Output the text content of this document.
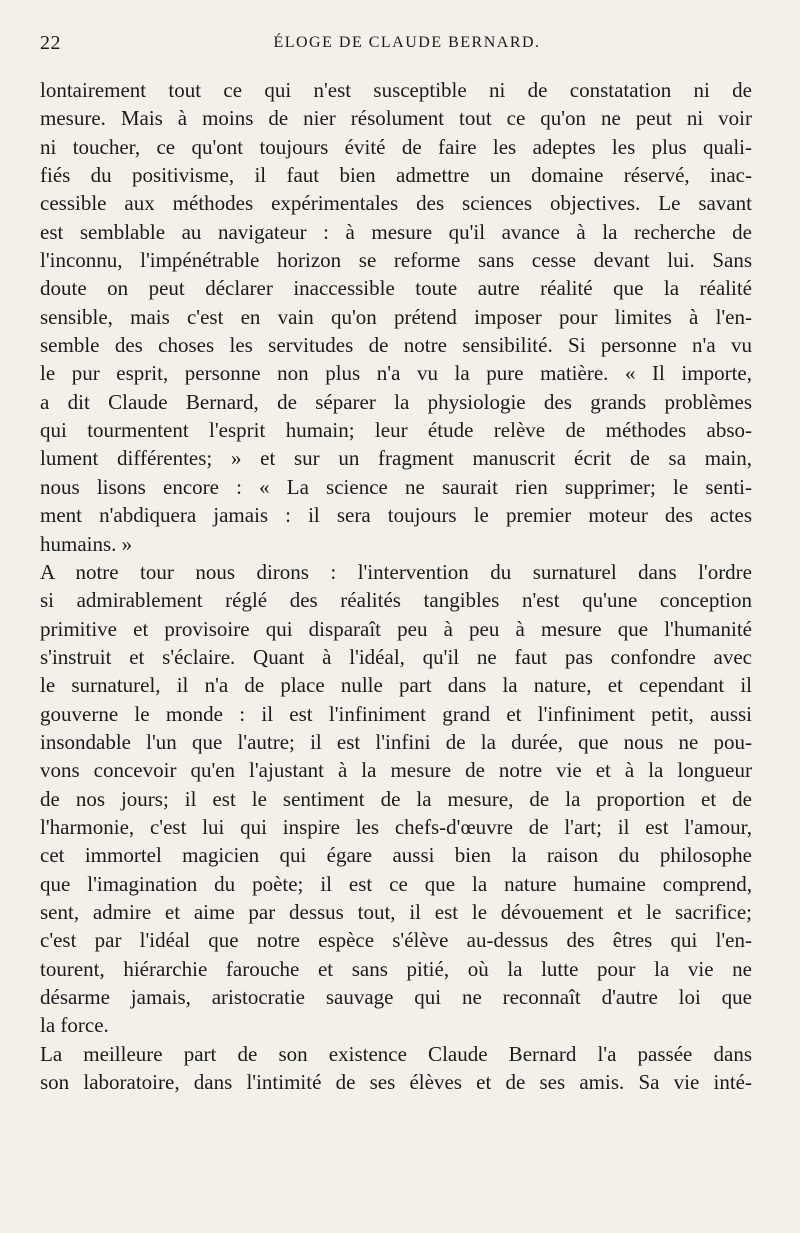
22	ÉLOGE DE CLAUDE BERNARD.
lontairement tout ce qui n'est susceptible ni de constatation ni de
mesure. Mais à moins de nier résolument tout ce qu'on ne peut ni voir
ni toucher, ce qu'ont toujours évité de faire les adeptes les plus quali-
fiés du positivisme, il faut bien admettre un domaine réservé, inac-
cessible aux méthodes expérimentales des sciences objectives. Le savant
est semblable au navigateur : à mesure qu'il avance à la recherche de
l'inconnu, l'impénétrable horizon se reforme sans cesse devant lui. Sans
doute on peut déclarer inaccessible toute autre réalité que la réalité
sensible, mais c'est en vain qu'on prétend imposer pour limites à l'en-
semble des choses les servitudes de notre sensibilité. Si personne n'a vu
le pur esprit, personne non plus n'a vu la pure matière. « Il importe,
a dit Claude Bernard, de séparer la physiologie des grands problèmes
qui tourmentent l'esprit humain; leur étude relève de méthodes abso-
lument différentes; » et sur un fragment manuscrit écrit de sa main,
nous lisons encore : « La science ne saurait rien supprimer; le senti-
ment n'abdiquera jamais : il sera toujours le premier moteur des actes
humains. »
A notre tour nous dirons : l'intervention du surnaturel dans l'ordre
si admirablement réglé des réalités tangibles n'est qu'une conception
primitive et provisoire qui disparaît peu à peu à mesure que l'humanité
s'instruit et s'éclaire. Quant à l'idéal, qu'il ne faut pas confondre avec
le surnaturel, il n'a de place nulle part dans la nature, et cependant il
gouverne le monde : il est l'infiniment grand et l'infiniment petit, aussi
insondable l'un que l'autre; il est l'infini de la durée, que nous ne pou-
vons concevoir qu'en l'ajustant à la mesure de notre vie et à la longueur
de nos jours; il est le sentiment de la mesure, de la proportion et de
l'harmonie, c'est lui qui inspire les chefs-d'œuvre de l'art; il est l'amour,
cet immortel magicien qui égare aussi bien la raison du philosophe
que l'imagination du poète; il est ce que la nature humaine comprend,
sent, admire et aime par dessus tout, il est le dévouement et le sacrifice;
c'est par l'idéal que notre espèce s'élève au-dessus des êtres qui l'en-
tourent, hiérarchie farouche et sans pitié, où la lutte pour la vie ne
désarme jamais, aristocratie sauvage qui ne reconnaît d'autre loi que
la force.
La meilleure part de son existence Claude Bernard l'a passée dans
son laboratoire, dans l'intimité de ses élèves et de ses amis. Sa vie inté-
